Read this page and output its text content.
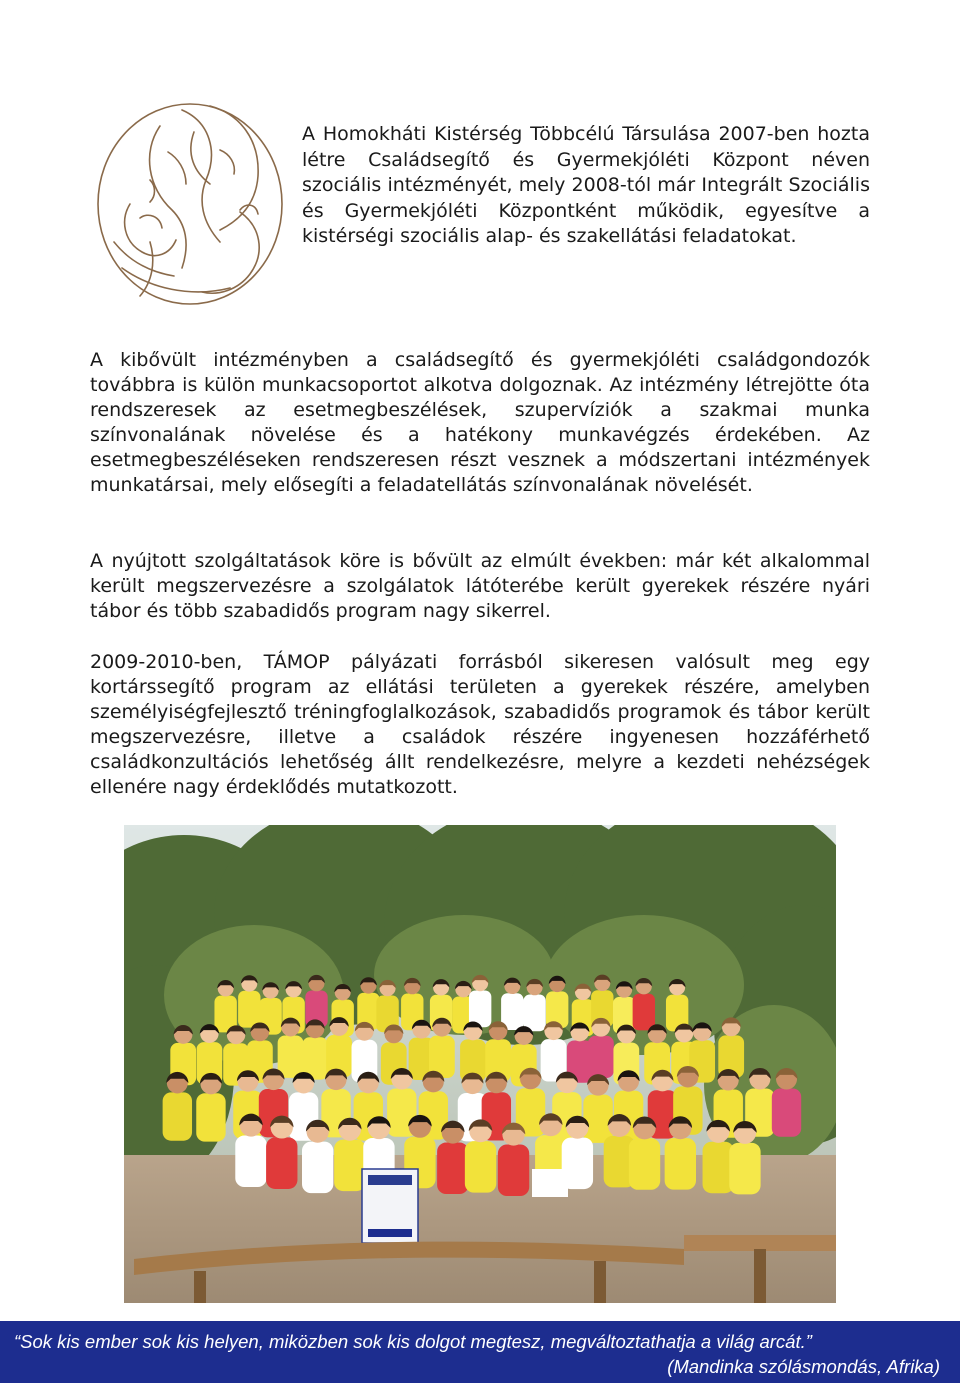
A Homokháti Kistérség Többcélú Társulása 2007-ben hozta létre Családsegítő és Gyermekjóléti Központ néven szociális intézményét, mely 2008-tól már Integrált Szociális és Gyermekjóléti Központként működik, egyesítve a kistérségi szociális alap- és szakellátási feladatokat.

A kibővült intézményben a családsegítő és gyermekjóléti családgondozók továbbra is külön munkacsoportot alkotva dolgoznak. Az intézmény létrejötte óta rendszeresek az esetmegbeszélések, szupervíziók a szakmai munka színvonalának növelése és a hatékony munkavégzés érdekében. Az esetmegbeszéléseken rendszeresen részt vesznek a módszertani intézmények munkatársai, mely elősegíti a feladatellátás színvonalának növelését.

A nyújtott szolgáltatások köre is bővült az elmúlt években: már két alkalommal került megszervezésre a szolgálatok látóterébe került gyerekek részére nyári tábor és több szabadidős program nagy sikerrel.

2009-2010-ben, TÁMOP pályázati forrásból sikeresen valósult meg egy kortárssegítő program az ellátási területen a gyerekek részére, amelyben személyiségfejlesztő tréningfoglalkozások, szabadidős programok és tábor került megszervezésre, illetve a családok részére ingyenesen hozzáférhető családkonzultációs lehetőség állt rendelkezésre, melyre a kezdeti nehézségek ellenére nagy érdeklődés mutatkozott.

“Sok kis ember sok kis helyen, miközben sok kis dolgot megtesz, megváltoztathatja a világ arcát.”
(Mandinka szólásmondás, Afrika)
